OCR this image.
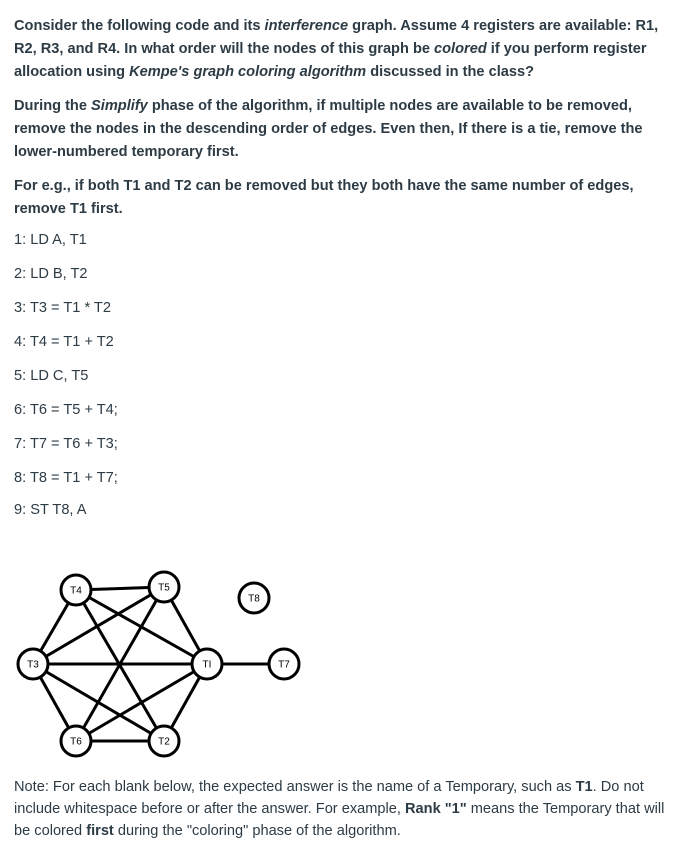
Consider the following code and its interference graph. Assume 4 registers are available: R1, R2, R3, and R4. In what order will the nodes of this graph be colored if you perform register allocation using Kempe's graph coloring algorithm discussed in the class?

During the Simplify phase of the algorithm, if multiple nodes are available to be removed, remove the nodes in the descending order of edges. Even then, If there is a tie, remove the lower-numbered temporary first.

For e.g., if both T1 and T2 can be removed but they both have the same number of edges, remove T1 first.

1: LD A, T1
2: LD B, T2
3: T3 = T1 * T2
4: T4 = T1 + T2
5: LD C, T5
6: T6 = T5 + T4;
7: T7 = T6 + T3;
8: T8 = T1 + T7;
9: ST T8, A
T4	T5
T8
T3	TI	T7
T6	T2
Note: For each blank below, the expected answer is the name of a Temporary, such as T1. Do not include whitespace before or after the answer. For example, Rank "1" means the Temporary that will be colored first during the "coloring" phase of the algorithm.
